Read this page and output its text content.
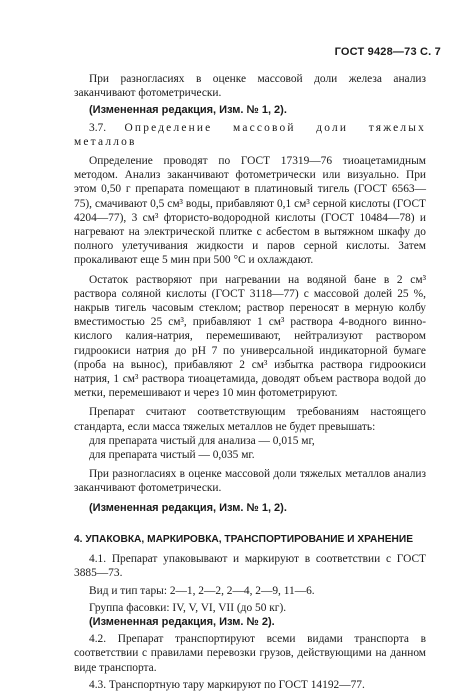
ГОСТ 9428—73 С. 7

При разногласиях в оценке массовой доли железа анализ заканчивают фотометрически.

(Измененная редакция, Изм. № 1, 2).

3.7. Определение массовой доли тяжелых металлов

Определение проводят по ГОСТ 17319—76 тиоацетамидным методом. Анализ заканчивают фотометрически или визуально. При этом 0,50 г препарата помещают в платиновый тигель (ГОСТ 6563—75), смачивают 0,5 см³ воды, прибавляют 0,1 см³ серной кислоты (ГОСТ 4204—77), 3 см³ фтористо-водородной кислоты (ГОСТ 10484—78) и нагревают на электрической плитке с асбестом в вытяжном шкафу до полного улетучивания жидкости и паров серной кислоты. Затем прокаливают еще 5 мин при 500 °С и охлаждают.

Остаток растворяют при нагревании на водяной бане в 2 см³ раствора соляной кислоты (ГОСТ 3118—77) с массовой долей 25 %, накрыв тигель часовым стеклом; раствор переносят в мерную колбу вместимостью 25 см³, прибавляют 1 см³ раствора 4-водного винно-кислого калия-натрия, перемешивают, нейтрализуют раствором гидроокиси натрия до рН 7 по универсальной индикаторной бумаге (проба на вынос), прибавляют 2 см³ избытка раствора гидроокиси натрия, 1 см³ раствора тиоацетамида, доводят объем раствора водой до метки, перемешивают и через 10 мин фотометрируют.

Препарат считают соответствующим требованиям настоящего стандарта, если масса тяжелых металлов не будет превышать:

для препарата чистый для анализа — 0,015 мг,

для препарата чистый — 0,035 мг.

При разногласиях в оценке массовой доли тяжелых металлов анализ заканчивают фотометрически.

(Измененная редакция, Изм. № 1, 2).

4. УПАКОВКА, МАРКИРОВКА, ТРАНСПОРТИРОВАНИЕ И ХРАНЕНИЕ

4.1. Препарат упаковывают и маркируют в соответствии с ГОСТ 3885—73.

Вид и тип тары: 2—1, 2—2, 2—4, 2—9, 11—6.

Группа фасовки: IV, V, VI, VII (до 50 кг).

(Измененная редакция, Изм. № 2).

4.2. Препарат транспортируют всеми видами транспорта в соответствии с правилами перевозки грузов, действующими на данном виде транспорта.

4.3. Транспортную тару маркируют по ГОСТ 14192—77.
